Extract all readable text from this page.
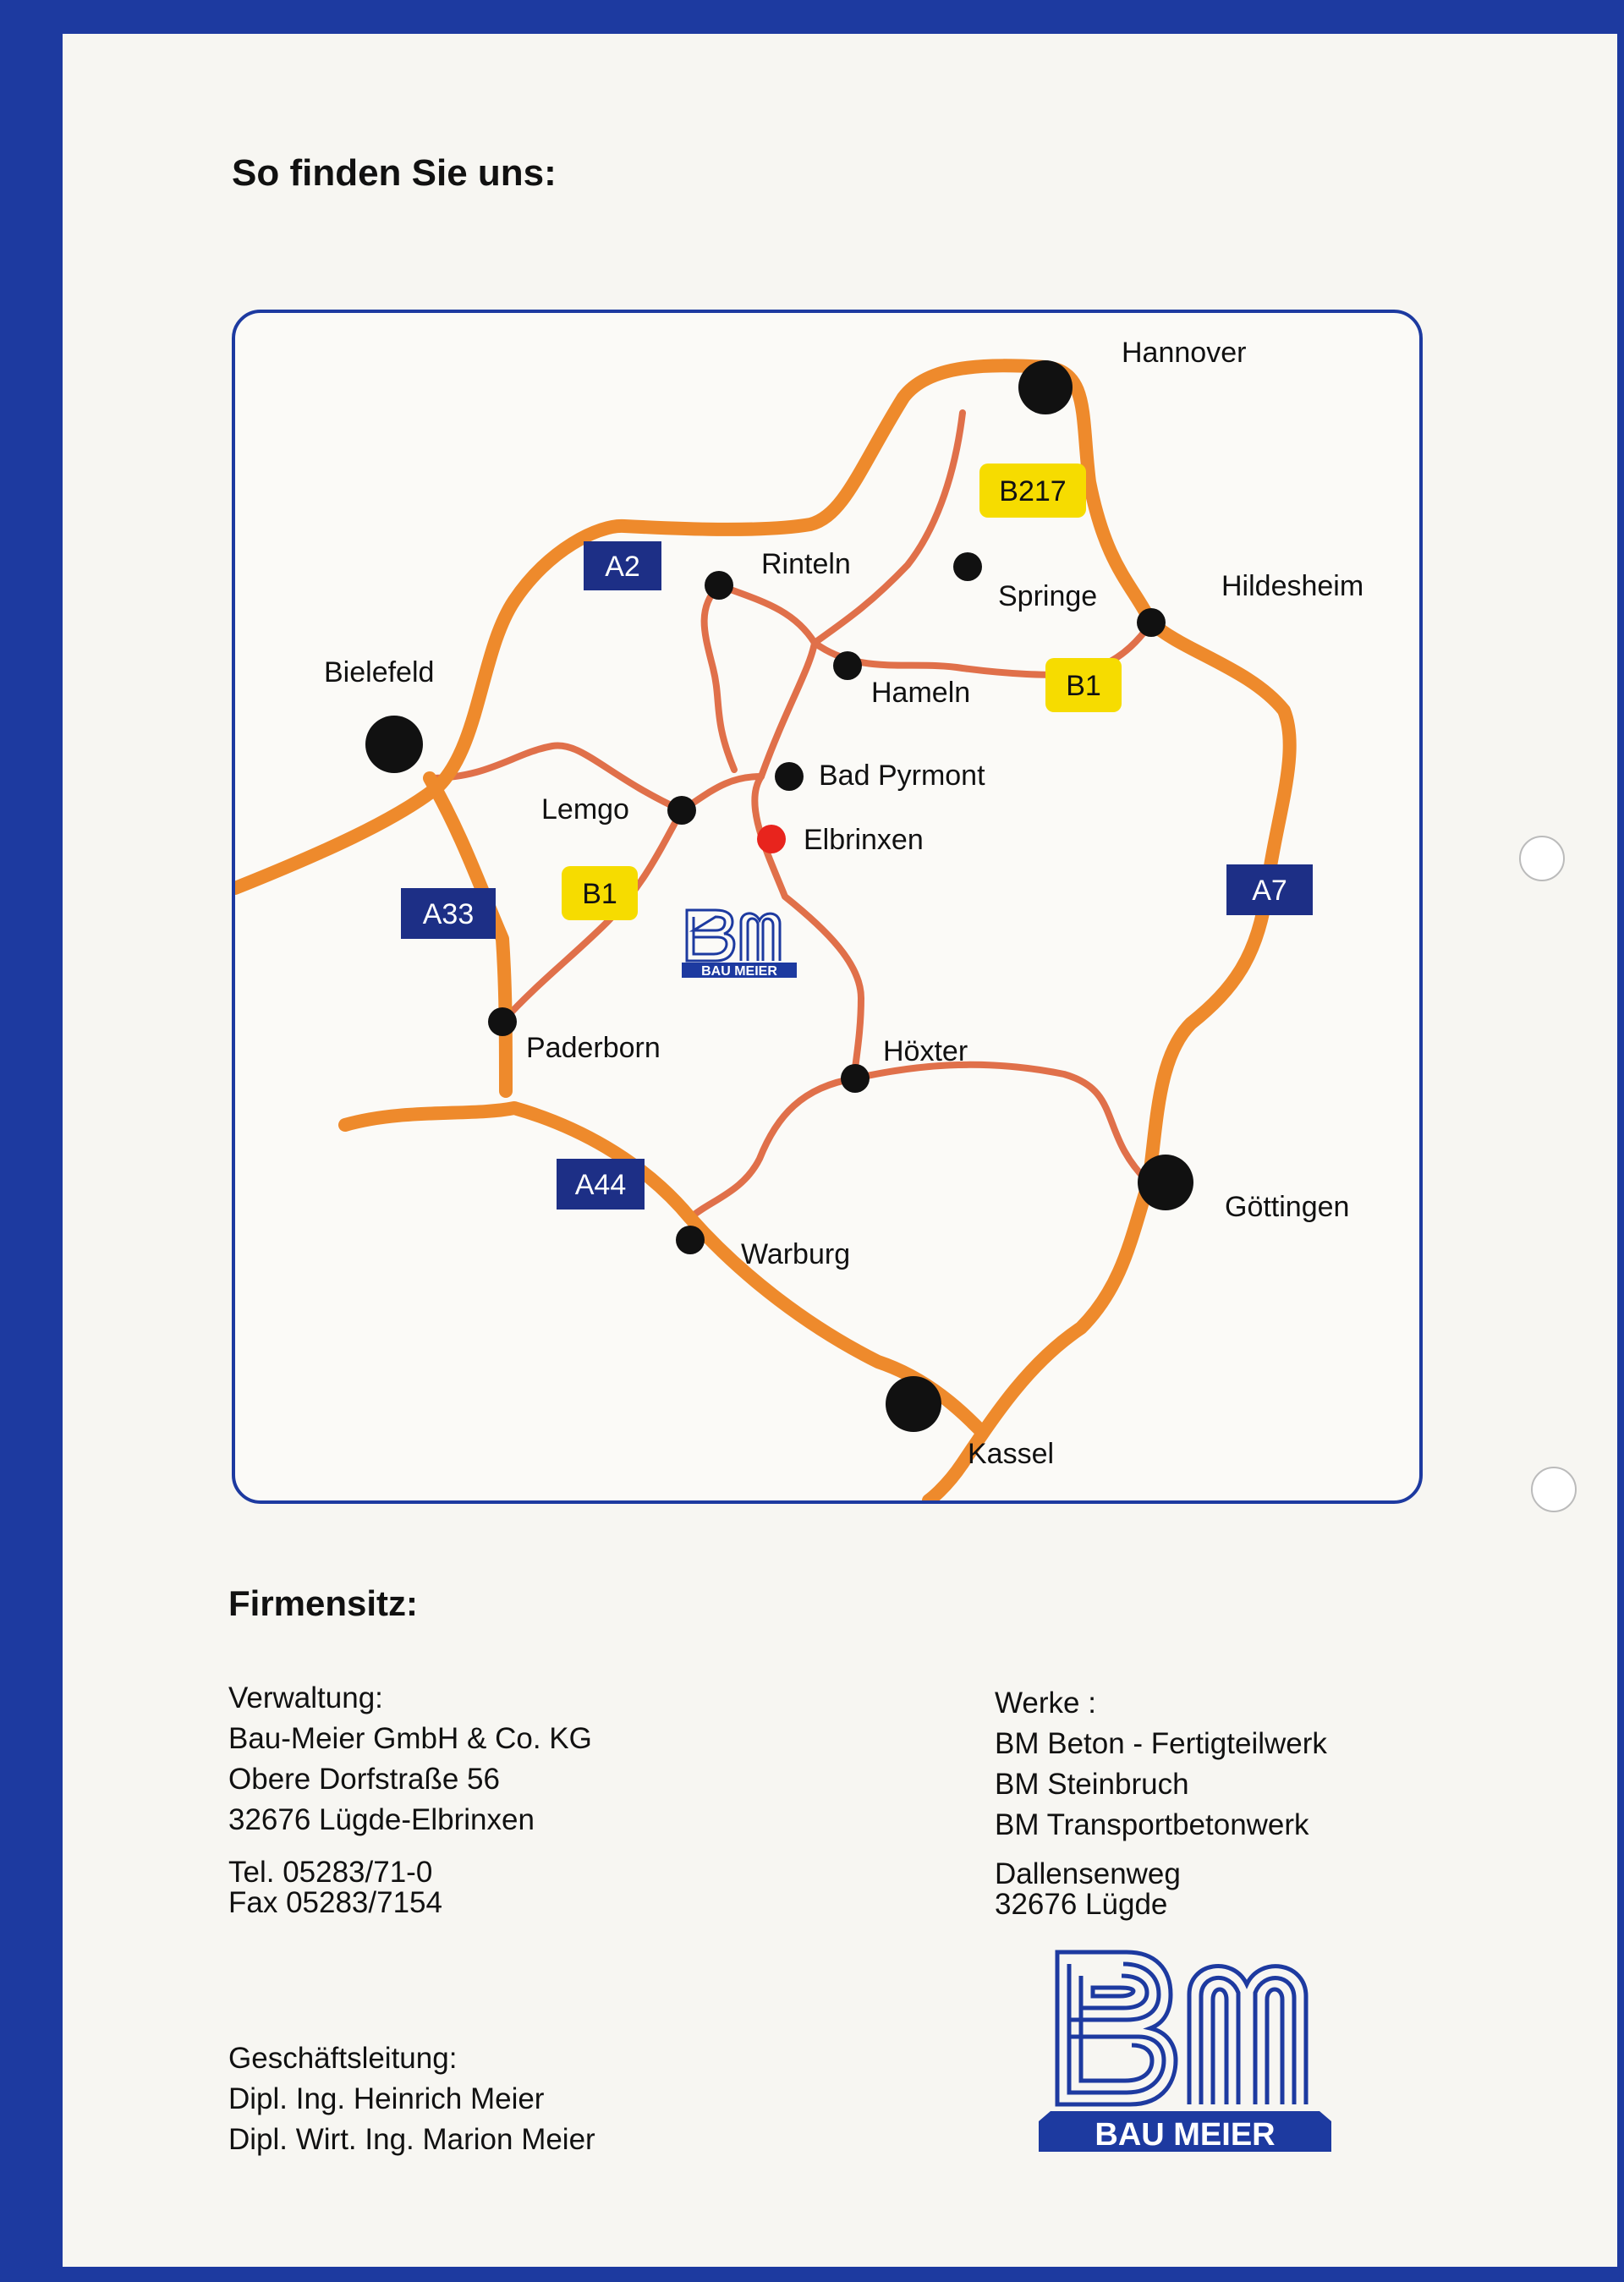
So finden Sie uns:
Hannover
Bielefeld
Göttingen
Kassel
Rinteln
Springe	Hildesheim
Hameln
Bad Pyrmont
Lemgo
Elbrinxen
Paderborn	Höxter
Warburg
A2
B217
B1
B1
A33
A7
A44
BAU MEIER
Firmensitz:
Verwaltung:
Bau-Meier GmbH & Co. KG
Obere Dorfstraße 56
32676 Lügde-Elbrinxen
Tel. 05283/71-0
Fax 05283/7154
Geschäftsleitung:
Dipl. Ing. Heinrich Meier
Dipl. Wirt. Ing. Marion Meier
Werke :
BM Beton - Fertigteilwerk
BM Steinbruch
BM Transportbetonwerk
Dallensenweg
32676 Lügde
BAU MEIER
